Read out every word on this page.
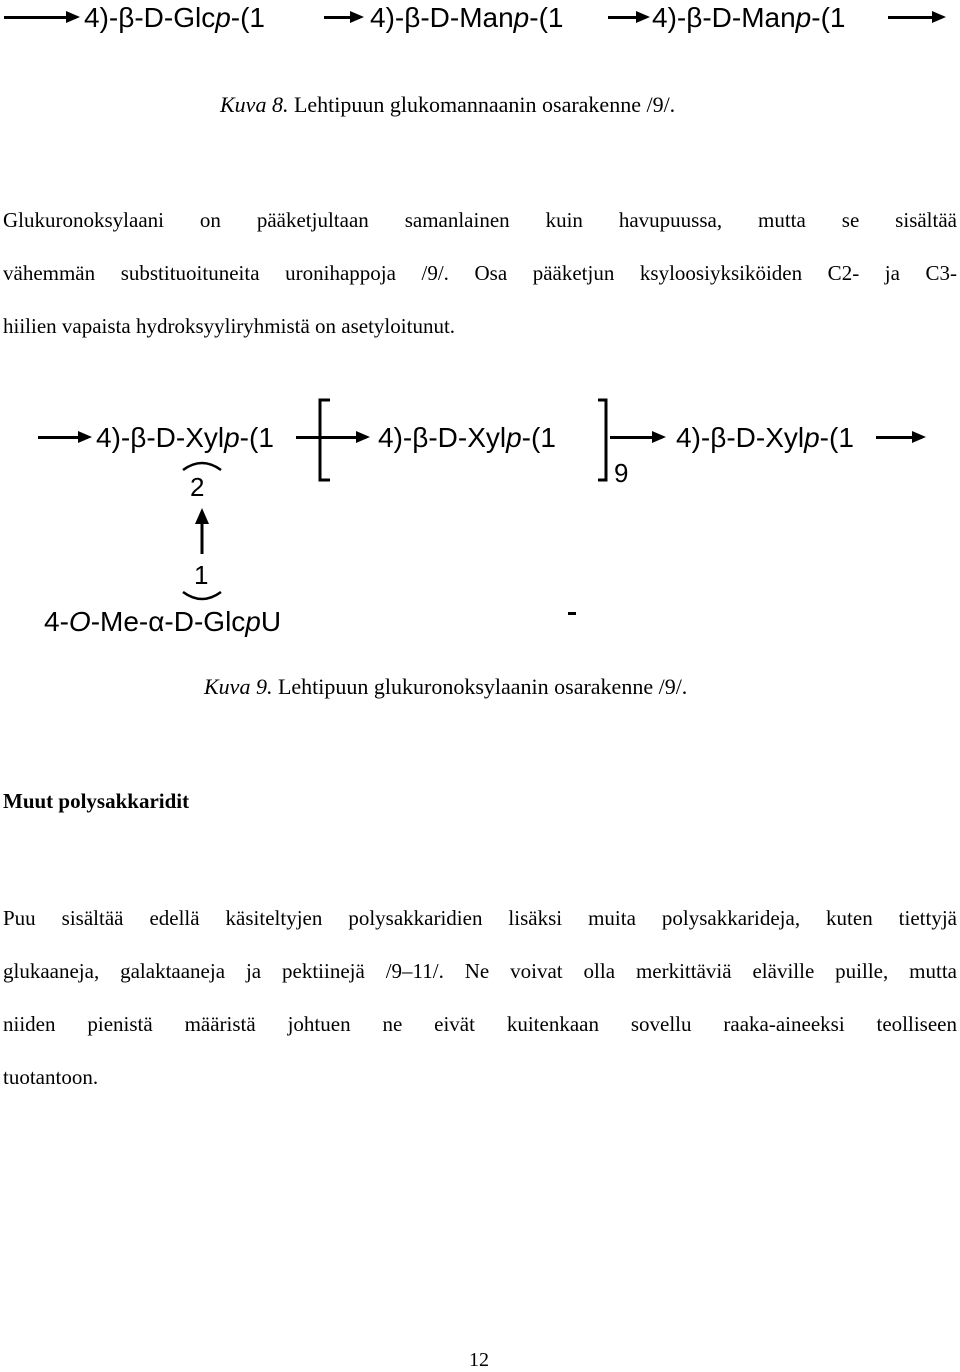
4)-β-D-Glcp-(1	4)-β-D-Manp-(1	4)-β-D-Manp-(1
Kuva 8. Lehtipuun glukomannaanin osarakenne /9/.
Glukuronoksylaani on pääketjultaan samanlainen kuin havupuussa, mutta se sisältää
vähemmän substituoituneita uronihappoja /9/. Osa pääketjun ksyloosiyksiköiden C2- ja C3-
hiilien vapaista hydroksyyliryhmistä on asetyloitunut.
4)-β-D-Xylp-(1	4)-β-D-Xylp-(1
9
4)-β-D-Xylp-(1
2
1
4-O-Me-α-D-GlcpU
Kuva 9. Lehtipuun glukuronoksylaanin osarakenne /9/.
Muut polysakkaridit
Puu sisältää edellä käsiteltyjen polysakkaridien lisäksi muita polysakkarideja, kuten tiettyjä
glukaaneja, galaktaaneja ja pektiinejä /9–11/. Ne voivat olla merkittäviä eläville puille, mutta
niiden pienistä määristä johtuen ne eivät kuitenkaan sovellu raaka-aineeksi teolliseen
tuotantoon.
12
